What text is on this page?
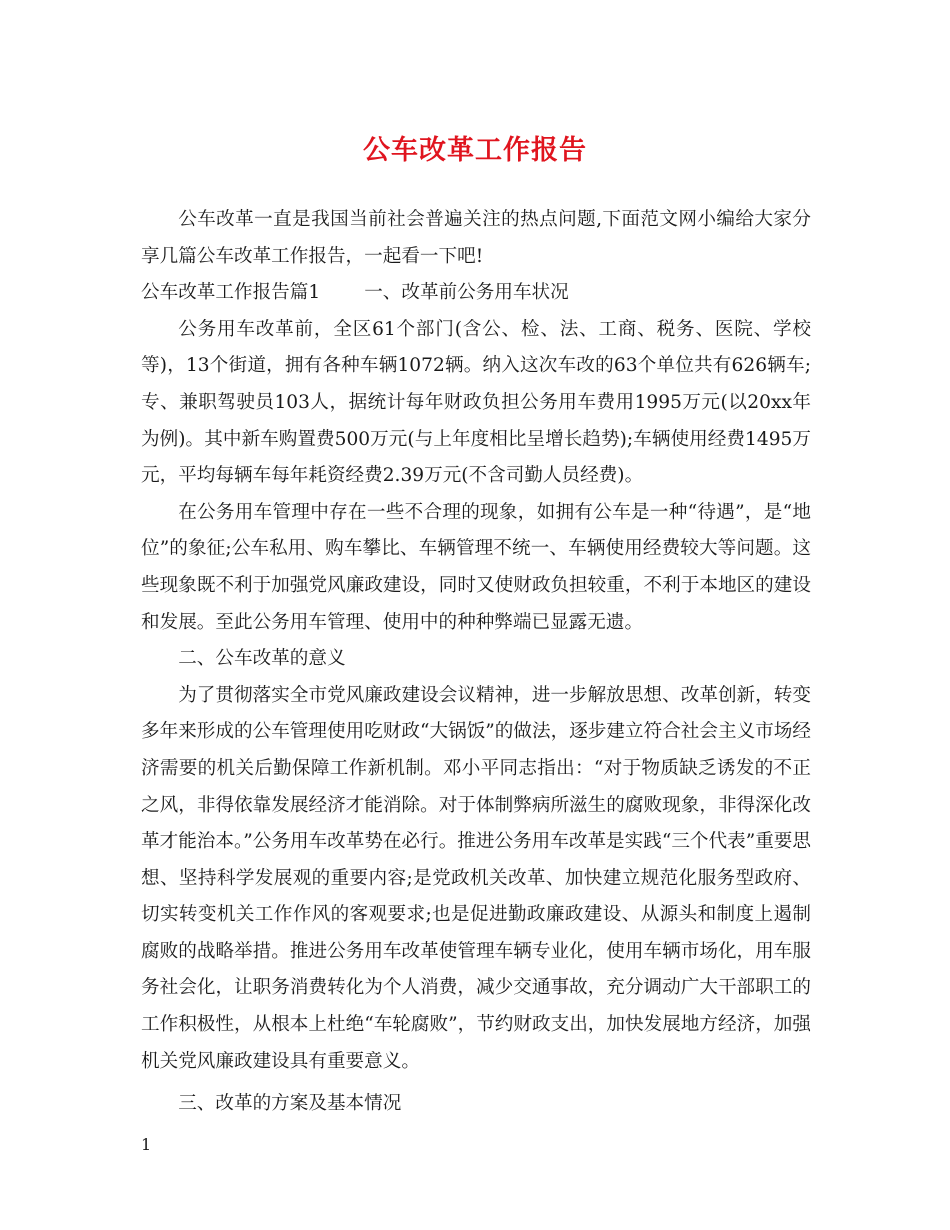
公车改革工作报告

公车改革一直是我国当前社会普遍关注的热点问题,下面范文网小编给大家分享几篇公车改革工作报告，一起看一下吧!

公车改革工作报告篇1 一、改革前公务用车状况

公务用车改革前，全区61个部门(含公、检、法、工商、税务、医院、学校等)，13个街道，拥有各种车辆1072辆。纳入这次车改的63个单位共有626辆车;专、兼职驾驶员103人，据统计每年财政负担公务用车费用1995万元(以20xx年为例)。其中新车购置费500万元(与上年度相比呈增长趋势);车辆使用经费1495万元，平均每辆车每年耗资经费2.39万元(不含司勤人员经费)。

在公务用车管理中存在一些不合理的现象，如拥有公车是一种“待遇”，是“地位”的象征;公车私用、购车攀比、车辆管理不统一、车辆使用经费较大等问题。这些现象既不利于加强党风廉政建设，同时又使财政负担较重，不利于本地区的建设和发展。至此公务用车管理、使用中的种种弊端已显露无遗。

二、公车改革的意义

为了贯彻落实全市党风廉政建设会议精神，进一步解放思想、改革创新，转变多年来形成的公车管理使用吃财政“大锅饭”的做法，逐步建立符合社会主义市场经济需要的机关后勤保障工作新机制。邓小平同志指出：“对于物质缺乏诱发的不正之风，非得依靠发展经济才能消除。对于体制弊病所滋生的腐败现象，非得深化改革才能治本。”公务用车改革势在必行。推进公务用车改革是实践“三个代表”重要思想、坚持科学发展观的重要内容;是党政机关改革、加快建立规范化服务型政府、切实转变机关工作作风的客观要求;也是促进勤政廉政建设、从源头和制度上遏制腐败的战略举措。推进公务用车改革使管理车辆专业化，使用车辆市场化，用车服务社会化，让职务消费转化为个人消费，减少交通事故，充分调动广大干部职工的工作积极性，从根本上杜绝“车轮腐败”，节约财政支出，加快发展地方经济，加强机关党风廉政建设具有重要意义。

三、改革的方案及基本情况

1
